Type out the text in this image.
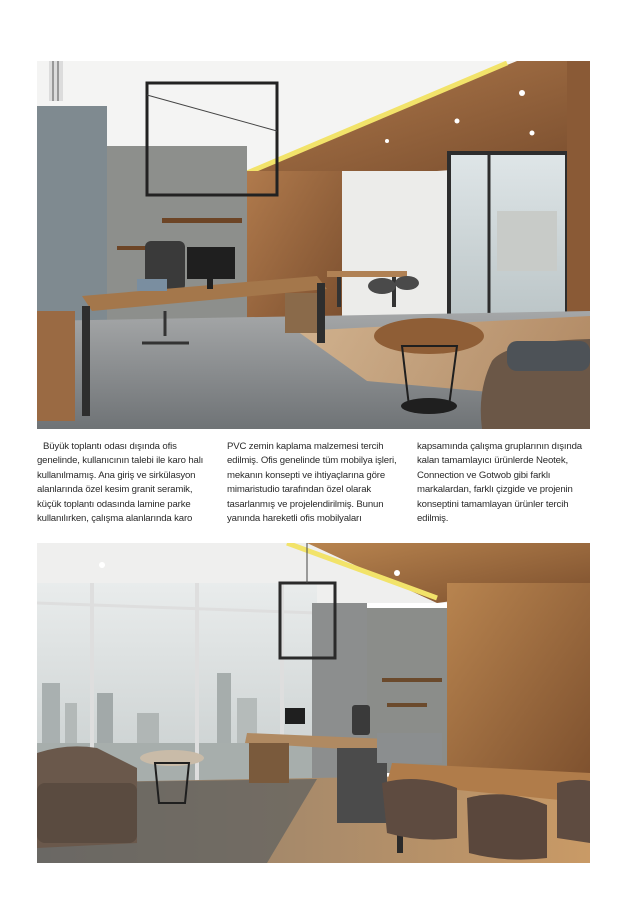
Büyük toplantı odası dışında ofis genelinde, kullanıcının talebi ile karo halı kullanılmamış. Ana giriş ve sirkülasyon alanlarında özel kesim granit seramik, küçük toplantı odasında lamine parke kullanılırken, çalışma alanlarında karo

PVC zemin kaplama malzemesi tercih edilmiş. Ofis genelinde tüm mobilya işleri, mekanın konsepti ve ihtiyaçlarına göre mimaristudio tarafından özel olarak tasarlanmış ve projelendirilmiş. Bunun yanında hareketli ofis mobilyaları

kapsamında çalışma gruplarının dışında kalan tamamlayıcı ürünlerde Neotek, Connection ve Gotwob gibi farklı markalardan, farklı çizgide ve projenin konseptini tamamlayan ürünler tercih edilmiş.
